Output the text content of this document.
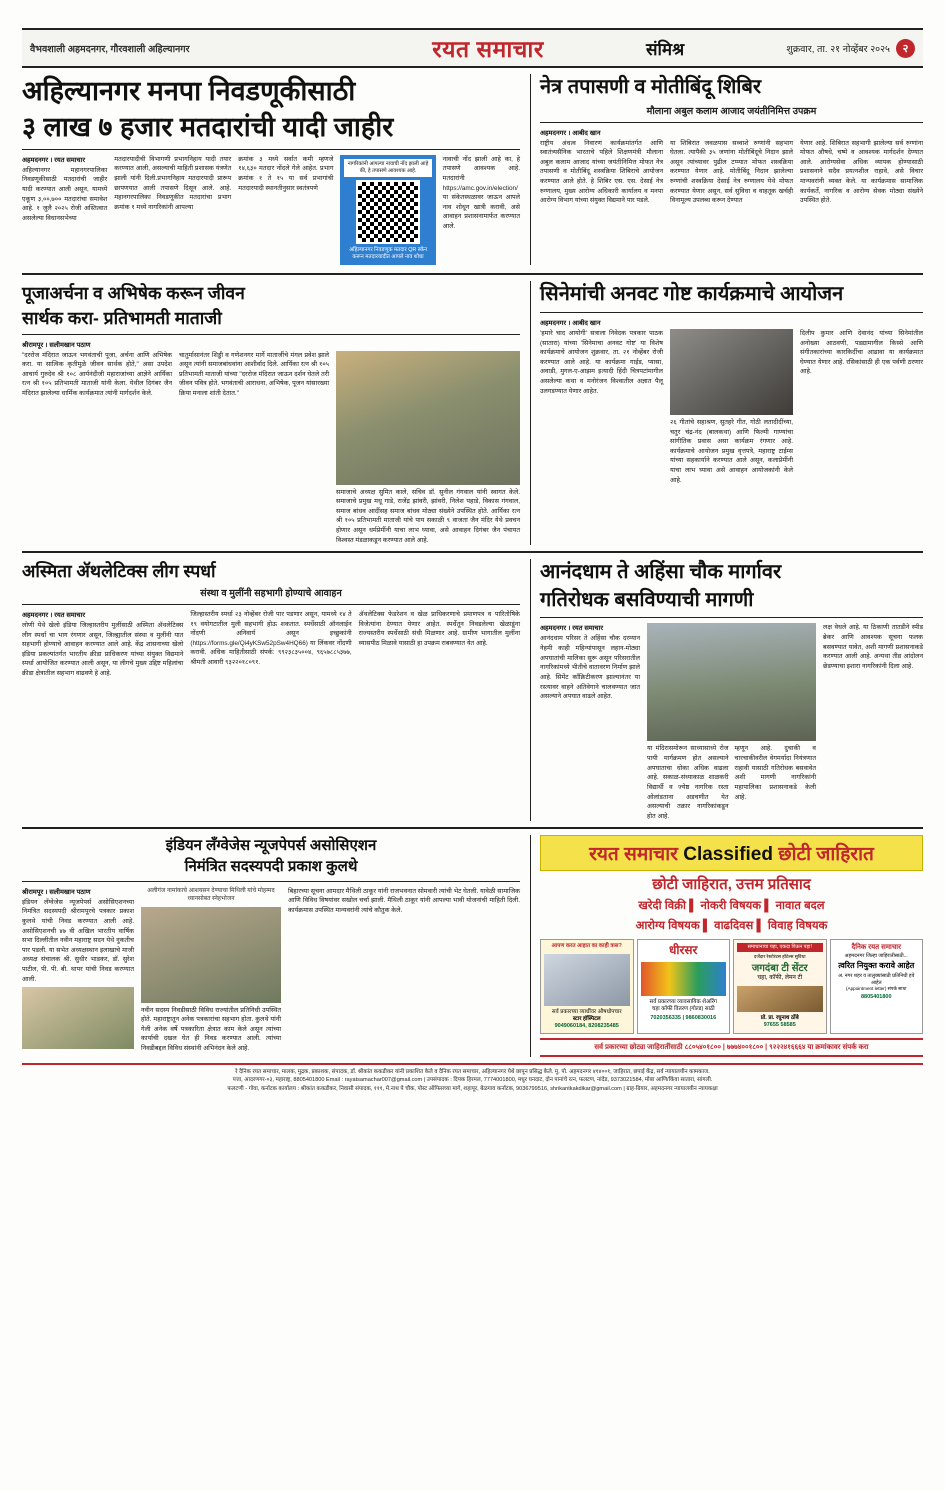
वैभवशाली अहमदनगर, गौरवशाली अहिल्यानगर	रयत समाचार	संमिश्र	शुक्रवार, ता. २१ नोव्हेंबर २०२५	२
अहिल्यानगर मनपा निवडणूकीसाठी
३ लाख ७ हजार मतदारांची यादी जाहीर
अहमदनगर । रयत समाचार
अहिल्यानगर महानगरपालिका निवडणूकीसाठी मतदारांची जाहीर यादी करण्यात आली असून, यामध्ये एकूण ३,००,७०० मतदारांचा समावेश आहे. १ जुलै २०२५ रोजी अस्तित्वात असलेल्या विधानसभेच्या
मतदारयादीची विभागणी प्रभागनिहाय यादी तयार करण्यात आली, असल्याची माहिती प्रशासक यंत्रणेत झाली यांनी दिली.प्रभागनिहाय मतदारयादी प्रारूप छापणयात आली तपासणे दिसून आले. आहे. महानगरपालिका निवडणूकीत मतदारांचा प्रभाग क्रमांक १ मध्ये नागरिकांनी आपल्या
क्रमांक ३ मध्ये सर्वात कमी म्हणजे १४,६३० मतदार नोंदले गेले आहेत. प्रभाग क्रमांक १ ते १५ या सर्व प्रभागांची मतदारयादी स्थानतीनुसार स्वतंत्रपणे
नागरिकांनी आपल्या नावाची नोंद झाली आहे की, हे तपासणे आवश्यक आहे.
अहिल्यानगर निवडणूक मतदार QR स्कॅन करून मतदारयादीत आपले नाव शोधा
नावाची नोंद झाली आहे का, हे तपासणे आवश्यक आहे. मतदारांनी https://amc.gov.in/election/ या संकेतस्थळावर जाऊन आपले नाव शोधून खात्री करावी, असे आवाहन प्रशासनामार्फत करण्यात आले.
नेत्र तपासणी व मोतीबिंदू शिबिर
मौलाना अबुल कलाम आजाद जयंतीनिमित्त उपक्रम
अहमदनगर । आबीद खान
राष्ट्रीय अंधत्व निवारण कार्यक्रमांतर्गत आणि स्वातंत्र्यसैनिक भारताचे पहिले शिक्षणमंत्री मौलाना अबुल कलाम आजाद यांच्या जयंतीनिमित्त मोफत नेत्र तपासणी व मोतीबिंदू शस्त्रक्रिया शिबिराचे आयोजन करण्यात आले होते. हे शिबिर एस. एस. देसाई नेत्र रुग्णालय, मुख्य आरोग्य अधिकारी कार्यालय व मनपा आरोग्य विभाग यांच्या संयुक्त विद्यमाने पार पडले.
या शिबिरात जवळपास सव्वाशे रुग्णांनी सहभाग घेतला. त्यापैकी ३५ जणांना मोतीबिंदूचे निदान झाले असून त्यांच्यावर पुढील टप्प्यात मोफत शस्त्रक्रिया करण्यात येणार आहे. मोतीबिंदू निदान झालेल्या रुग्णांची शस्त्रक्रिया देसाई नेत्र रुग्णालय येथे मोफत करण्यात येणार असून, सर्व सुविधा व वाहतूक खर्चही विनामूल्य उपलब्ध करून देण्यात
येणार आहे. शिबिरात सहभागी झालेल्या सर्व रुग्णांना मोफत औषधे, चष्मे व आवश्यक मार्गदर्शन देण्यात आले. आरोग्यसेवा अधिक व्यापक होण्यासाठी प्रशासनाने सदैव प्रयत्नशील राहावे, असे विचार मान्यवरांनी व्यक्त केले. या कार्यक्रमास सामाजिक कार्यकर्ते, नागरिक व आरोग्य सेवक मोठ्या संख्येने उपस्थित होते.
पूजाअर्चना व अभिषेक करून जीवन
सार्थक करा- प्रतिभामती माताजी
श्रीरामपूर । सलीमखान पठाण
"दररोज मंदिरात जाऊन भगवंताची पूजा, अर्चना आणि अभिषेक करा. या सात्विक कृतीमुळे जीवन सार्थक होते," असा उपदेश आचार्य गुरुदेव श्री १०८ आर्यनंदीजी महाराजांच्या आज्ञेने आर्यिका रत्न श्री १०५ प्रतिभामती माताजी यांनी केला. येथील दिगंबर जैन मंदिरात झालेल्या धार्मिक कार्यक्रमात त्यांनी मार्गदर्शन केले.
चातुर्मासानंतर शिड्डी व गणेशनगर मार्गे माताजींचे मंगल प्रवेश झाले असून त्यांनी समाजबांधवांना आशीर्वाद दिले. आर्यिका रत्न श्री १०५ प्रतिभामती माताजी यांच्या "दररोज मंदिरात जाऊन दर्शन घेतले तरी जीवन पवित्र होते. भगवंताची आराधना, अभिषेक, पूजन यांसारख्या क्रिया मनाला शांती देतात."
समाजाचे अध्यक्ष सुमित काले, सचिव डॉ. सुनील गंगवाल यांनी स्वागत केले. समाजाचे प्रमुख मधू गाडे, राजेंद्र झांवरी, झांवरी, निलेश पहाडे, विकास गंगवाल, समाज बांधव आदींसह समाज बांधव मोठ्या संख्येने उपस्थित होते. आर्यिका रत्न श्री १०५ प्रतिभामती माताजी यांचे पाय सकाळी ९ वाजता जैन मंदिर येथे प्रवचन होणार असून धर्मप्रेमींनी याचा लाभ घ्यावा, असे आवाहन दिगंबर जैन पंचायत विश्वस्त मंडळाकडून करण्यात आले आहे.
सिनेमांची अनवट गोष्ट कार्यक्रमाचे आयोजन
अहमदनगर । आबीद खान
'हमारे चाद आयोगी' सत्राला निवेदक पत्रकार पाठक (सातारा) यांच्या 'सिनेमाचा अनवट गोष्ट' या विशेष कार्यक्रमाचे आयोजन शुक्रवार, ता. २१ नोव्हेंबर रोजी करण्यात आले आहे. या कार्यक्रमा गाईड, प्यासा, अवाडी, मुगल-ए-आझम इत्यादी हिंदी चित्रपटांमागील असलेल्या कथा व मनोरंजन विश्वातील अज्ञात पैलू उलगडण्यात येणार आहेत.
२६ गीतांचे सहाश्रण, सुतहरे गीत, गोठी लतादीदींच्या, चतुर चंद्र-नंद (बालकथा) आणि फिल्मी गाण्यांचा सांगीतिक प्रवास असा कार्यक्रम रंगणार आहे. कार्यक्रमाचे आयोजन प्रमुख वृत्तपत्रे, महाराष्ट्र टाईम्स यांच्या सहकार्याने करण्यात आले असून, कलाप्रेमींनी याचा लाभ घ्यावा असे आवाहन आयोजकांनी केले आहे.
दिलीप कुमार आणि देवानंद यांच्या सिनेमांतील अनोख्या आठवणी, पडद्यामागील किस्से आणि संगीतकारांच्या कारकिर्दीचा आढावा या कार्यक्रमात घेण्यात येणार आहे. रसिकांसाठी ही एक पर्वणी ठरणार आहे.
अस्मिता ॲथलेटिक्स लीग स्पर्धा
संस्था व मुलींनी सहभागी होण्याचे आवाहन
अहमदनगर । रयत समाचार
लोणी येथे खेलो इंडिया जिल्हास्तरीय मुलींसाठी अस्मिता ॲथलेटिक्स लीग स्पर्धा चा भाग रंगणार असून, जिल्ह्यातील संस्था व मुलींनी यात सहभागी होण्याचे आवाहन करण्यात आले आहे. केंद्र शासनाच्या खेलो इंडिया प्रकल्पांतर्गत भारतीय क्रीडा प्राधिकरण यांच्या संयुक्त विद्यमाने स्पर्धा आयोजित करण्यात आली असून, या लीगचे मुख्य उद्दिष्ट महिलांचा क्रीडा क्षेत्रातील सहभाग वाढवणे हे आहे.
जिल्हास्तरीय स्पर्धा २३ नोव्हेंबर रोजी पार पडणार असून, यामध्ये १४ ते १९ वयोगटातील मुली सहभागी होऊ शकतात. स्पर्धेसाठी ऑनलाईन नोंदणी अनिवार्य असून इच्छुकांनी (https://forms.gle/Qi4yKSw52pSw4HQ66) या लिंकवर नोंदणी करावी. अधिक माहितीसाठी संपर्क: ९९२३८३५००४, ९६५७८८५३७७, श्रीमती आवारी ९३२२०१८०९१.
ॲथलेटिक्स फेडरेशन व खेळ प्राधिकरणाचे प्रमाणपत्र व पारितोषिके विजेत्यांना देण्यात येणार आहेत. स्पर्धेतून निवडलेल्या खेळाडूंना राज्यस्तरीय स्पर्धेसाठी संधी मिळणार आहे. ग्रामीण भागातील मुलींना व्यासपीठ मिळावे यासाठी हा उपक्रम राबवण्यात येत आहे.
आनंदधाम ते अहिंसा चौक मार्गावर
गतिरोधक बसविण्याची मागणी
अहमदनगर । रयत समाचार
आनंदधाम परिसर ते अहिंसा चौक दरम्यान नेहमी काही महिन्यांपासून लहान-मोठ्या अपघातांची मालिका सुरू असून परिसरातील नागरिकांमध्ये भीतीचे वातावरण निर्माण झाले आहे. सिमेंट काँक्रिटीकरण झाल्यानंतर या रस्त्यावर वाहने अतिवेगाने चालवण्यात जात असल्याने अपघात वाढले आहेत.
या मंदिरासमोरून साध्यासाध्ये रोज पायी मार्गक्रमण होत असल्याने अपघाताचा धोका अधिक वाढला आहे. सकाळ-संध्याकाळ शाळकरी विद्यार्थी व ज्येष्ठ नागरिक रस्ता ओलांडताना अडचणीत येत असल्याची तक्रार नागरिकांकडून होत आहे.
म्हणून आहे. दुचाकी व चारचाकीवरील वेगमर्यादा नियंत्रणात राहावी यासाठी गतिरोधक बसवावेत अशी मागणी नागरिकांनी महापालिका प्रशासनाकडे केली आहे.
लक्ष वेधले आहे. या ठिकाणी तातडीने स्पीड ब्रेकर आणि आवश्यक सूचना फलक बसवण्यात यावेत, अशी मागणी प्रशासनाकडे करण्यात आली आहे. अन्यथा तीव्र आंदोलन छेडण्याचा इशारा नागरिकांनी दिला आहे.
इंडियन लँग्वेजेस न्यूजपेपर्स असोसिएशन
निमंत्रित सदस्यपदी प्रकाश कुलथे
श्रीरामपूर । सलीमखान पठाण
इंडियन लँग्वेजेस न्यूजपेपर्स असोसिएशनच्या निमंत्रित सदस्यपदी श्रीरामपूरचे पत्रकार प्रकाश कुलथे यांची निवड करण्यात आली आहे. असोसिएशनची ४७ वी अखिल भारतीय वार्षिक सभा दिल्लीतील नवीन महाराष्ट्र सदन येथे नुकतीच पार पडली. या सभेत अध्यक्षस्थान इलाखाचे माजी अध्यक्ष संचालक श्री. सुधीर भाडकर, डॉ. सुरेश पाटील, पी. पी. बी. थापर यांची निवड करण्यात आली.
अलीगंज नामांकाचे आशयसन देण्याचा मिथिली यांचे मोहम्मद ध्यानसोबत स्नेहभोजन
नवीन सदस्य निवडीसाठी विविध राज्यांतील प्रतिनिधी उपस्थित होते. महाराष्ट्रातून अनेक पत्रकारांचा सहभाग होता. कुलथे यांनी गेली अनेक वर्षे पत्रकारिता क्षेत्रात काम केले असून त्यांच्या कार्याची दखल घेत ही निवड करण्यात आली. त्यांच्या निवडीबद्दल विविध संस्थांनी अभिनंदन केले आहे.
बिहारच्या सूचना आमदार मैथिली ठाकूर यांनी राजभवनात सोमवारी त्यांची भेट घेतली. यावेळी सामाजिक आणि विविध विषयांवर सखोल चर्चा झाली. मैथिली ठाकूर यांनी आपल्या भावी योजनांची माहिती दिली. कार्यक्रमास उपस्थित मान्यवरांनी त्यांचे कौतुक केले.
रयत समाचार Classified छोटी जाहिरात
छोटी जाहिरात, उत्तम प्रतिसाद
खरेदी विक्री ▌ नोकरी विषयक ▌ नावात बदल
आरोग्य विषयक ▌ वाढदिवस ▌ विवाह विषयक
आपण करत आहात का काही त्रास?
सर्व प्रकारच्या व्याधींवर औषधोपचार
स्टार हॉस्पिटल
9049060184, 8208235485
धीरसर
सर्व प्रकारच्या व्यावसायिक शेअरिंग
चहा कॉफी वितरण (गोल्ड) साठी
7020356335 | 9860830016
समाधानाचा चहा, एकदा पिऊन पहा!
दर्जेदार रेस्टोरंटस हॉटेल्स सुविधा
जगदंबा टी सेंटर
चहा, कॉफी, लेमन टी
प्रो. प्रा. रघुनाथ ठोंबे
97655 58585
दैनिक रयत समाचार
अहमदनगर जिल्हा जाहिरातीसाठी...
त्वरित नियुक्त करावे आहेत
अ. नगर शहर व तालुक्यांसाठी प्रतिनिधी हवे आहेत
(Appointment letter) संपर्क साधा
8805401800
सर्व प्रकारच्या छोट्या जाहिरातींसाठी ८८०५४०१८०० | ७७७४००१८०० | ९२२२४१६६६४ या क्रमांकावर संपर्क करा
रे दैनिक रयत समाचार, मालक, मुद्रक, प्रकाशक, संपादक, डॉ. श्रीकांत ककडीकर यांनी प्रकाशित केले व दैनिक रयत समाचार, अहिल्यानगर येथे छापून प्रसिद्ध केले. मु. पो. अहमदनगर ४१४००१, जाहिरात, छपाई केंद्र, सर्व न्यायालयीन कामकाज.
पत्ता, आदरणगर-०३, महाराष्ट्र, 8805401800 Email : rayatsamachar007@gmail.com | उपसंपादक : दिपक हिरमल, 7774001800, मधुर घनदाट, दोन पानांचे रत्न, फलटण, नांदेड, 9373021584, मोबा आणि/किंवा सातारा, सांगली.
फलटणी - गोवा, कर्नाटक कार्यालय : श्रीकांत ककडीकर, निवासी संपादक, १११, मे.नाथ पे चौक, पोस्ट ऑफिसच्या मागे, शहापूर, बेळगाव कर्नाटक, 9036799516, shrikantkakdikar@gmail.com | ग्राह-ग्रियार, अहमदनगर न्यायालयीन न्यायकक्षा
